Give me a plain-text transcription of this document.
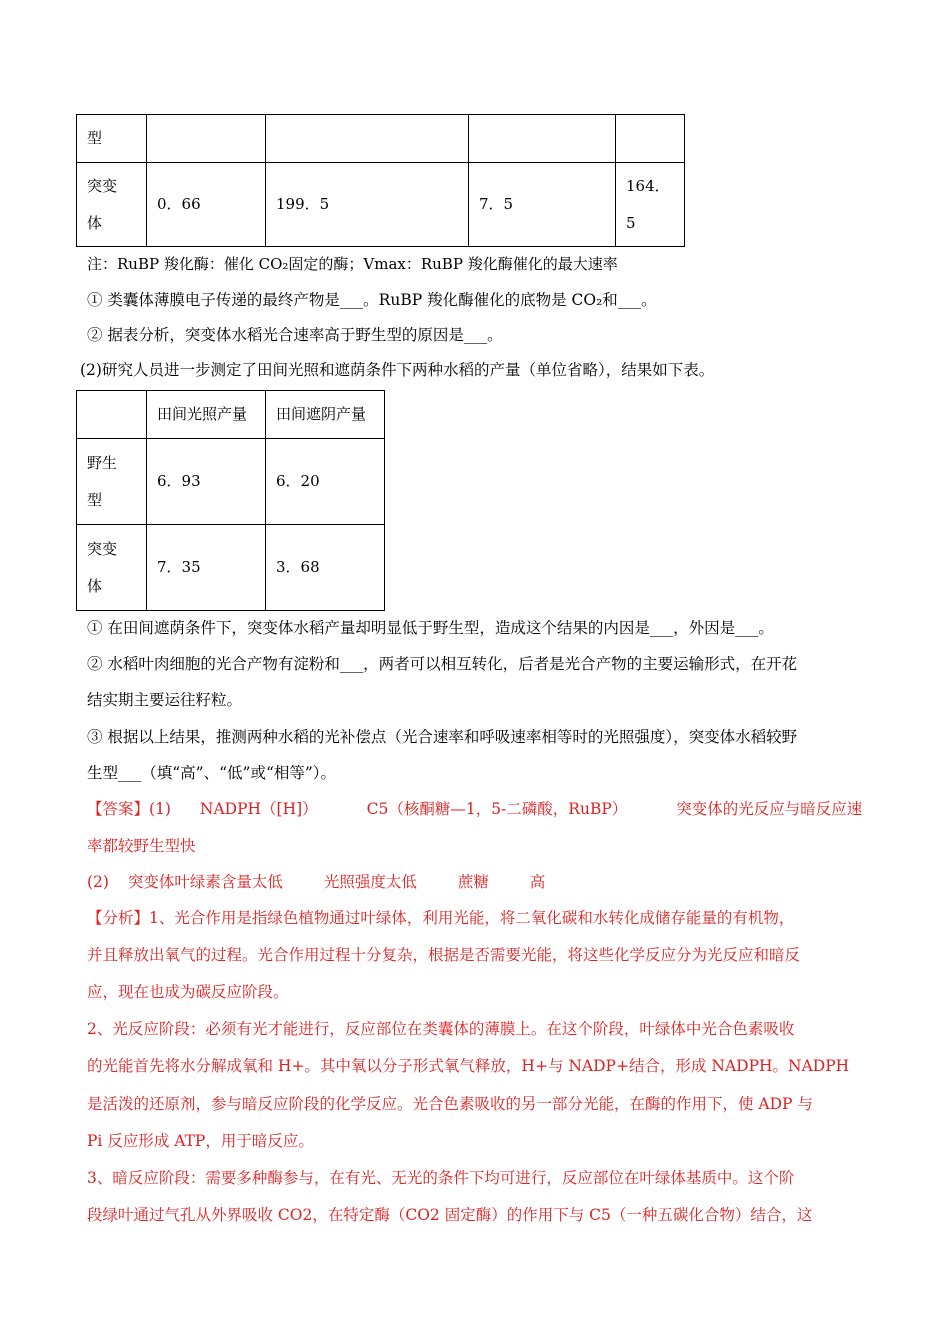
型				

突变
体	0．66	199．5	7．5	164．5
注：RuBP 羧化酶：催化 CO₂固定的酶；Vmax：RuBP 羧化酶催化的最大速率
① 类囊体薄膜电子传递的最终产物是___。RuBP 羧化酶催化的底物是 CO₂和___。
② 据表分析，突变体水稻光合速率高于野生型的原因是___。
(2)研究人员进一步测定了田间光照和遮荫条件下两种水稻的产量（单位省略），结果如下表。
	田间光照产量	田间遮阴产量

野生
型	6．93	6．20

突变
体	7．35	3．68
① 在田间遮荫条件下，突变体水稻产量却明显低于野生型，造成这个结果的内因是___，外因是___。
② 水稻叶肉细胞的光合产物有淀粉和___，两者可以相互转化，后者是光合产物的主要运输形式，在开花
结实期主要运往籽粒。
③ 根据以上结果，推测两种水稻的光补偿点（光合速率和呼吸速率相等时的光照强度），突变体水稻较野
生型___（填“高”、“低”或“相等”）。
【答案】(1) NADPH（[H]）	C5（核酮糖—1，5-二磷酸，RuBP）	突变体的光反应与暗反应速
率都较野生型快
(2) 突变体叶绿素含量太低	光照强度太低	蔗糖	高
【分析】1、光合作用是指绿色植物通过叶绿体，利用光能，将二氧化碳和水转化成储存能量的有机物，
并且释放出氧气的过程。光合作用过程十分复杂，根据是否需要光能，将这些化学反应分为光反应和暗反
应，现在也成为碳反应阶段。
2、光反应阶段：必须有光才能进行，反应部位在类囊体的薄膜上。在这个阶段，叶绿体中光合色素吸收
的光能首先将水分解成氧和 H+。其中氧以分子形式氧气释放，H+与 NADP+结合，形成 NADPH。NADPH
是活泼的还原剂，参与暗反应阶段的化学反应。光合色素吸收的另一部分光能，在酶的作用下，使 ADP 与
Pi 反应形成 ATP，用于暗反应。
3、暗反应阶段：需要多种酶参与，在有光、无光的条件下均可进行，反应部位在叶绿体基质中。这个阶
段绿叶通过气孔从外界吸收 CO2，在特定酶（CO2 固定酶）的作用下与 C5（一种五碳化合物）结合，这
